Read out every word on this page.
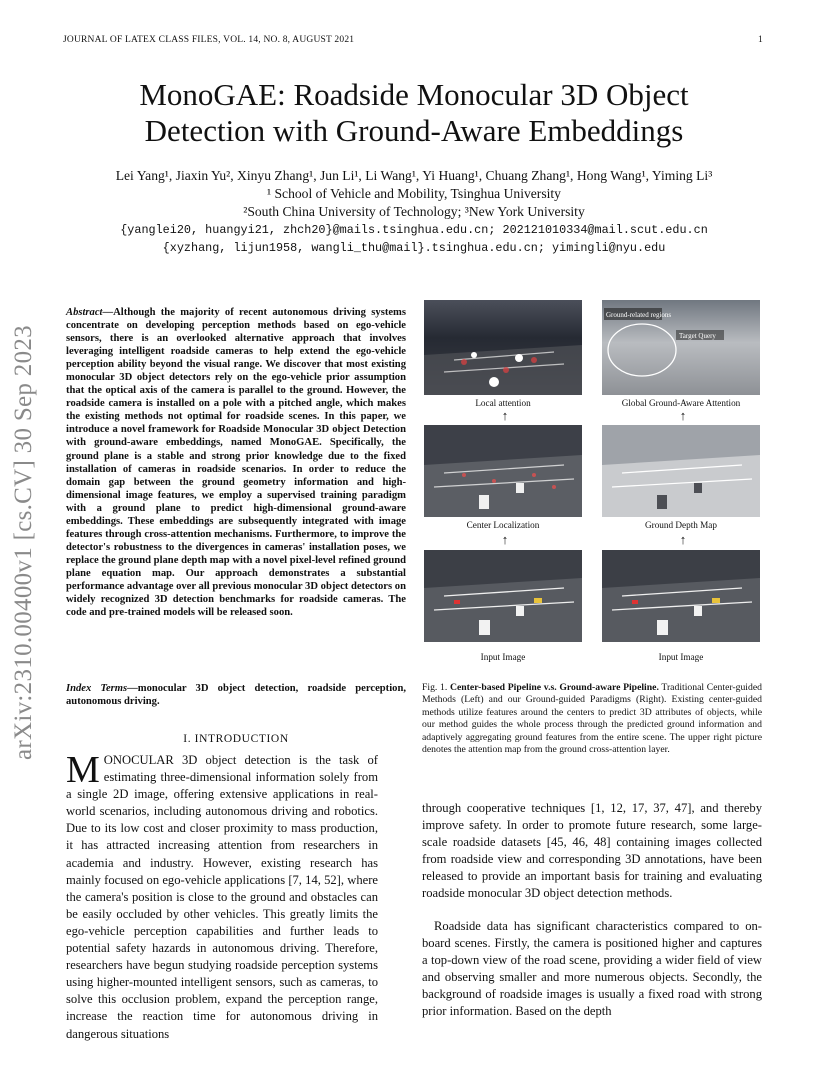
JOURNAL OF LATEX CLASS FILES, VOL. 14, NO. 8, AUGUST 2021	1
MonoGAE: Roadside Monocular 3D Object
Detection with Ground-Aware Embeddings
Lei Yang¹, Jiaxin Yu², Xinyu Zhang¹, Jun Li¹, Li Wang¹, Yi Huang¹, Chuang Zhang¹, Hong Wang¹, Yiming Li³
¹ School of Vehicle and Mobility, Tsinghua University
²South China University of Technology; ³New York University
{yanglei20, huangyi21, zhch20}@mails.tsinghua.edu.cn; 202121010334@mail.scut.edu.cn
{xyzhang, lijun1958, wangli_thu@mail}.tsinghua.edu.cn; yimingli@nyu.edu
arXiv:2310.00400v1 [cs.CV] 30 Sep 2023
Abstract—Although the majority of recent autonomous driving systems concentrate on developing perception methods based on ego-vehicle sensors, there is an overlooked alternative approach that involves leveraging intelligent roadside cameras to help extend the ego-vehicle perception ability beyond the visual range. We discover that most existing monocular 3D object detectors rely on the ego-vehicle prior assumption that the optical axis of the camera is parallel to the ground. However, the roadside camera is installed on a pole with a pitched angle, which makes the existing methods not optimal for roadside scenes. In this paper, we introduce a novel framework for Roadside Monocular 3D object Detection with ground-aware embeddings, named MonoGAE. Specifically, the ground plane is a stable and strong prior knowledge due to the fixed installation of cameras in roadside scenarios. In order to reduce the domain gap between the ground geometry information and high-dimensional image features, we employ a supervised training paradigm with a ground plane to predict high-dimensional ground-aware embeddings. These embeddings are subsequently integrated with image features through cross-attention mechanisms. Furthermore, to improve the detector's robustness to the divergences in cameras' installation poses, we replace the ground plane depth map with a novel pixel-level refined ground plane equation map. Our approach demonstrates a substantial performance advantage over all previous monocular 3D object detectors on widely recognized 3D detection benchmarks for roadside cameras. The code and pre-trained models will be released soon.
Index Terms—monocular 3D object detection, roadside perception, autonomous driving.
I. INTRODUCTION
MONOCULAR 3D object detection is the task of estimating three-dimensional information solely from a single 2D image, offering extensive applications in real-world scenarios, including autonomous driving and robotics. Due to its low cost and closer proximity to mass production, it has attracted increasing attention from researchers in academia and industry. However, existing research has mainly focused on ego-vehicle applications [7, 14, 52], where the camera's position is close to the ground and obstacles can be easily occluded by other vehicles. This greatly limits the ego-vehicle perception capabilities and further leads to potential safety hazards in autonomous driving. Therefore, researchers have begun studying roadside perception systems using higher-mounted intelligent sensors, such as cameras, to solve this occlusion problem, expand the perception range, increase the reaction time for autonomous driving in dangerous situations
Ground-related regions
Target Query
Local attention	Global Ground-Aware Attention
↑	↑
Center Localization	Ground Depth Map
↑	↑
Input Image	Input Image
Fig. 1. Center-based Pipeline v.s. Ground-aware Pipeline. Traditional Center-guided Methods (Left) and our Ground-guided Paradigms (Right). Existing center-guided methods utilize features around the centers to predict 3D attributes of objects, while our method guides the whole process through the predicted ground information and adaptively aggregating ground features from the entire scene. The upper right picture denotes the attention map from the ground cross-attention layer.
through cooperative techniques [1, 12, 17, 37, 47], and thereby improve safety. In order to promote future research, some large-scale roadside datasets [45, 46, 48] containing images collected from roadside view and corresponding 3D annotations, have been released to provide an important basis for training and evaluating roadside monocular 3D object detection methods.
Roadside data has significant characteristics compared to on-board scenes. Firstly, the camera is positioned higher and captures a top-down view of the road scene, providing a wider field of view and observing smaller and more numerous objects. Secondly, the background of roadside images is usually a fixed road with strong prior information. Based on the depth
